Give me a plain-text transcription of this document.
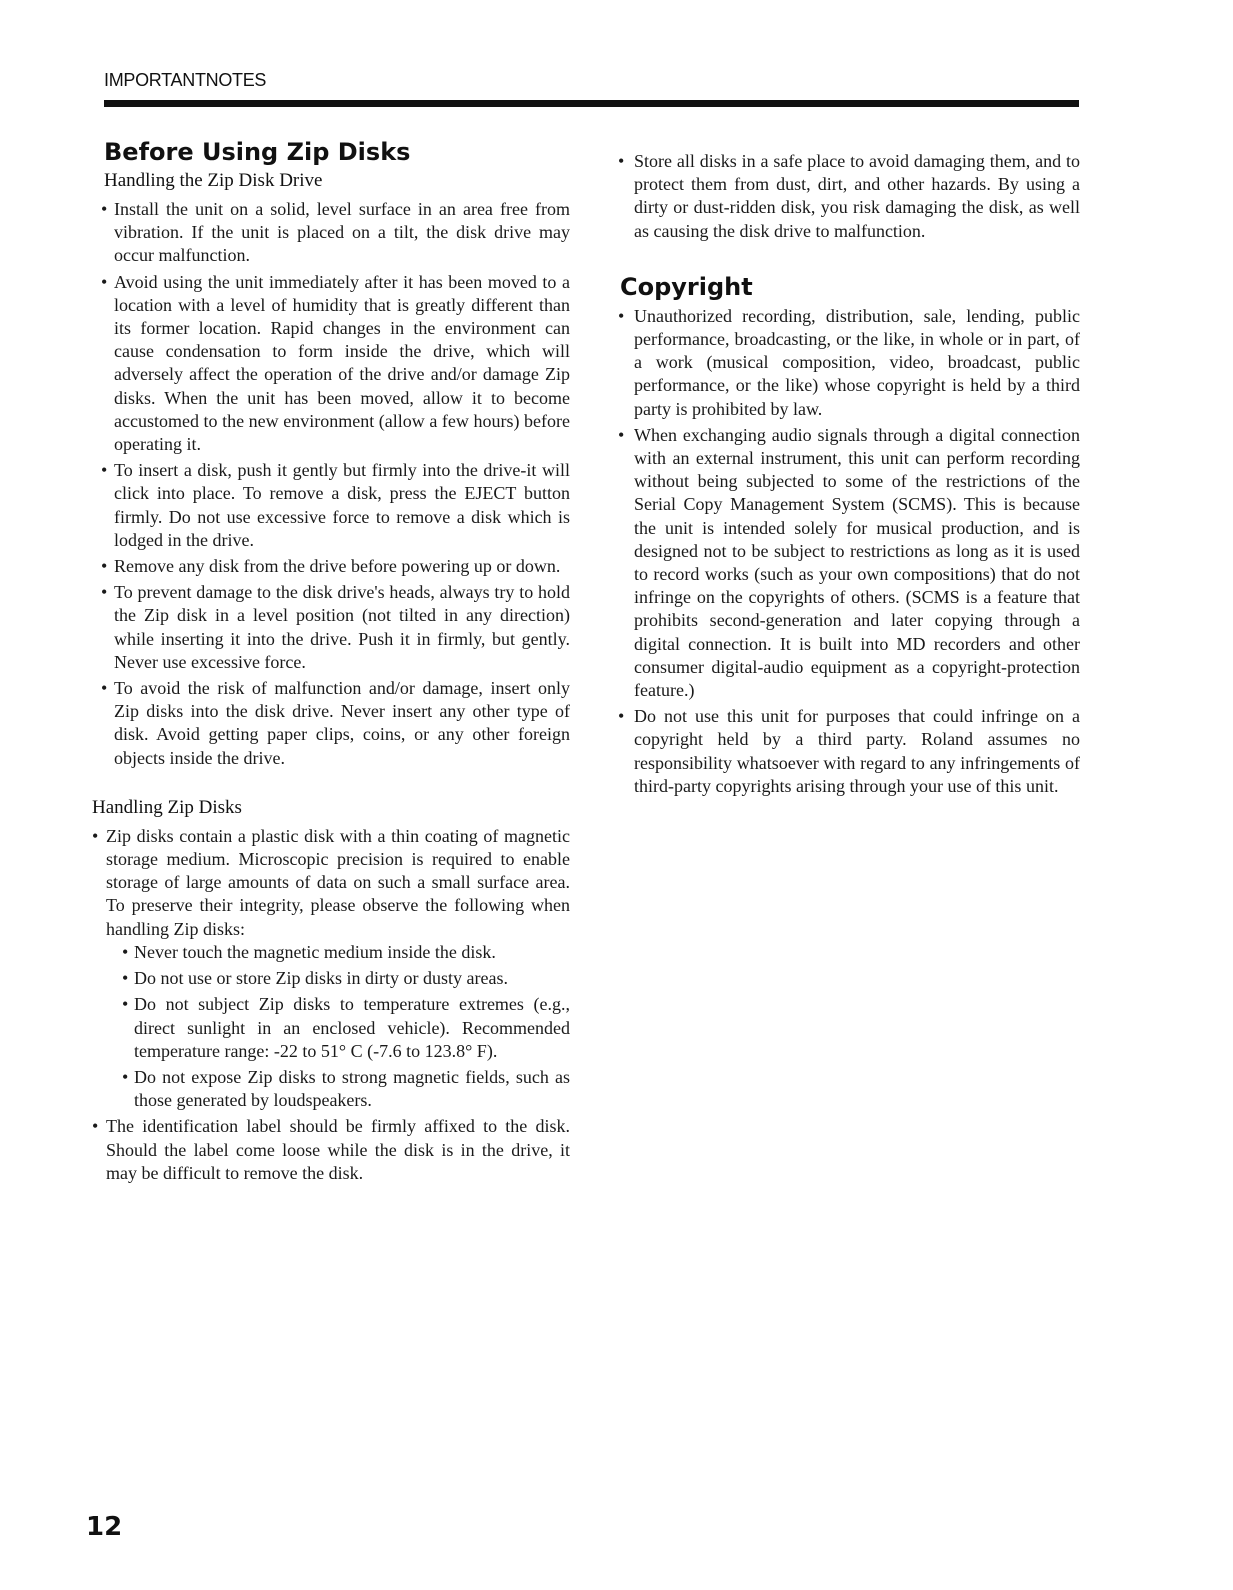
IMPORTANTNOTES
Before Using Zip Disks
Handling the Zip Disk Drive
• Install the unit on a solid, level surface in an area free from vibration. If the unit is placed on a tilt, the disk drive may occur malfunction.
• Avoid using the unit immediately after it has been moved to a location with a level of humidity that is greatly different than its former location. Rapid changes in the environment can cause condensation to form inside the drive, which will adversely affect the operation of the drive and/or damage Zip disks. When the unit has been moved, allow it to become accustomed to the new environment (allow a few hours) before operating it.
• To insert a disk, push it gently but firmly into the drive-it will click into place. To remove a disk, press the EJECT button firmly. Do not use excessive force to remove a disk which is lodged in the drive.
• Remove any disk from the drive before powering up or down.
• To prevent damage to the disk drive's heads, always try to hold the Zip disk in a level position (not tilted in any direction) while inserting it into the drive. Push it in firmly, but gently. Never use excessive force.
• To avoid the risk of malfunction and/or damage, insert only Zip disks into the disk drive. Never insert any other type of disk. Avoid getting paper clips, coins, or any other foreign objects inside the drive.
Handling Zip Disks
• Zip disks contain a plastic disk with a thin coating of magnetic storage medium. Microscopic precision is required to enable storage of large amounts of data on such a small surface area. To preserve their integrity, please observe the following when handling Zip disks:
• Never touch the magnetic medium inside the disk.
• Do not use or store Zip disks in dirty or dusty areas.
• Do not subject Zip disks to temperature extremes (e.g., direct sunlight in an enclosed vehicle). Recommended temperature range: -22 to 51° C (-7.6 to 123.8° F).
• Do not expose Zip disks to strong magnetic fields, such as those generated by loudspeakers.
• The identification label should be firmly affixed to the disk. Should the label come loose while the disk is in the drive, it may be difficult to remove the disk.
• Store all disks in a safe place to avoid damaging them, and to protect them from dust, dirt, and other hazards. By using a dirty or dust-ridden disk, you risk damaging the disk, as well as causing the disk drive to malfunction.
Copyright
• Unauthorized recording, distribution, sale, lending, public performance, broadcasting, or the like, in whole or in part, of a work (musical composition, video, broadcast, public performance, or the like) whose copyright is held by a third party is prohibited by law.
• When exchanging audio signals through a digital connection with an external instrument, this unit can perform recording without being subjected to some of the restrictions of the Serial Copy Management System (SCMS). This is because the unit is intended solely for musical production, and is designed not to be subject to restrictions as long as it is used to record works (such as your own compositions) that do not infringe on the copyrights of others. (SCMS is a feature that prohibits second-generation and later copying through a digital connection. It is built into MD recorders and other consumer digital-audio equipment as a copyright-protection feature.)
• Do not use this unit for purposes that could infringe on a copyright held by a third party. Roland assumes no responsibility whatsoever with regard to any infringements of third-party copyrights arising through your use of this unit.
12
